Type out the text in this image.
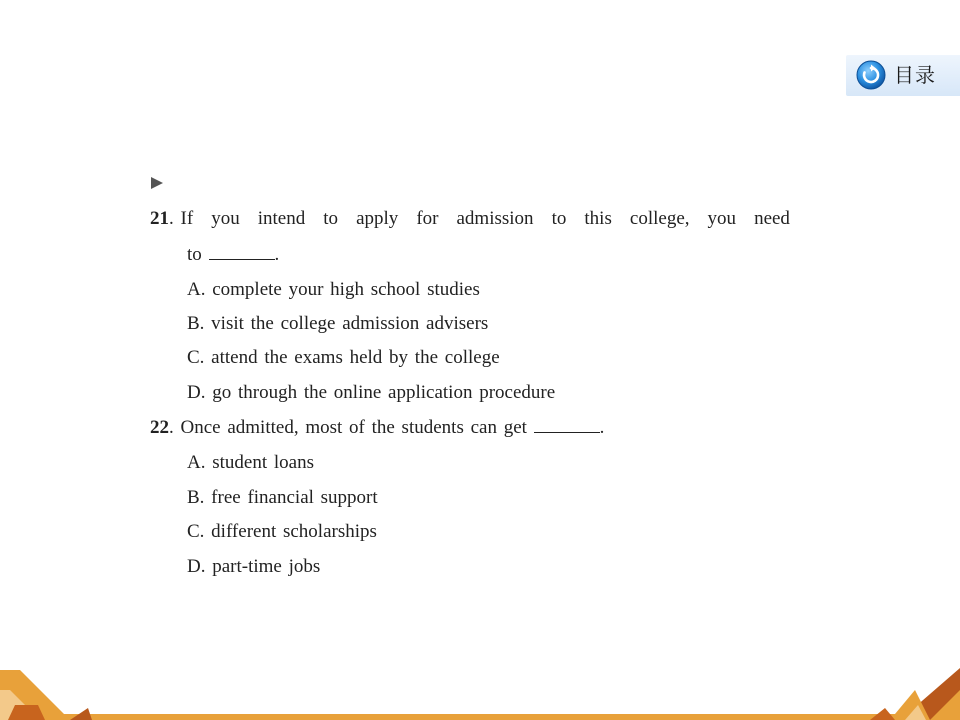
目录
21. If you intend to apply for admission to this college, you need
to	.
A. complete your high school studies
B. visit the college admission advisers
C. attend the exams held by the college
D. go through the online application procedure
22. Once admitted, most of the students can get	.
A. student loans
B. free financial support
C. different scholarships
D. part-time jobs
